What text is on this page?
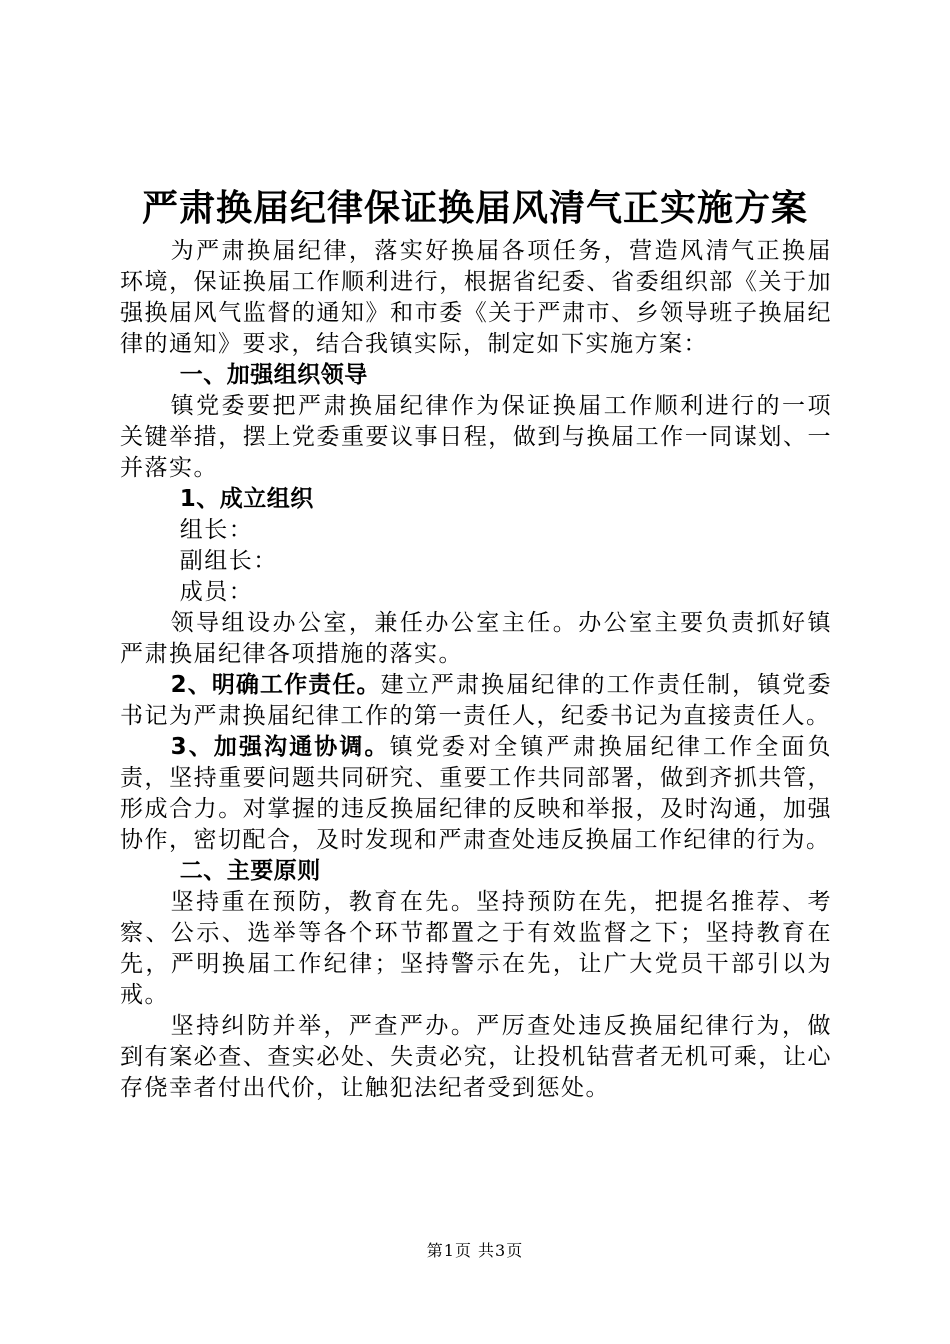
严肃换届纪律保证换届风清气正实施方案

为严肃换届纪律，落实好换届各项任务，营造风清气正换届环境，保证换届工作顺利进行，根据省纪委、省委组织部《关于加强换届风气监督的通知》和市委《关于严肃市、乡领导班子换届纪律的通知》要求，结合我镇实际，制定如下实施方案：

一、加强组织领导

镇党委要把严肃换届纪律作为保证换届工作顺利进行的一项关键举措，摆上党委重要议事日程，做到与换届工作一同谋划、一并落实。

1、成立组织

组长：

副组长：

成员：

领导组设办公室，兼任办公室主任。办公室主要负责抓好镇严肃换届纪律各项措施的落实。

2、明确工作责任。建立严肃换届纪律的工作责任制，镇党委书记为严肃换届纪律工作的第一责任人，纪委书记为直接责任人。

3、加强沟通协调。镇党委对全镇严肃换届纪律工作全面负责，坚持重要问题共同研究、重要工作共同部署，做到齐抓共管，形成合力。对掌握的违反换届纪律的反映和举报，及时沟通，加强协作，密切配合，及时发现和严肃查处违反换届工作纪律的行为。

二、主要原则

坚持重在预防，教育在先。坚持预防在先，把提名推荐、考察、公示、选举等各个环节都置之于有效监督之下；坚持教育在先，严明换届工作纪律；坚持警示在先，让广大党员干部引以为戒。

坚持纠防并举，严查严办。严厉查处违反换届纪律行为，做到有案必查、查实必处、失责必究，让投机钻营者无机可乘，让心存侥幸者付出代价，让触犯法纪者受到惩处。

第1页 共3页
